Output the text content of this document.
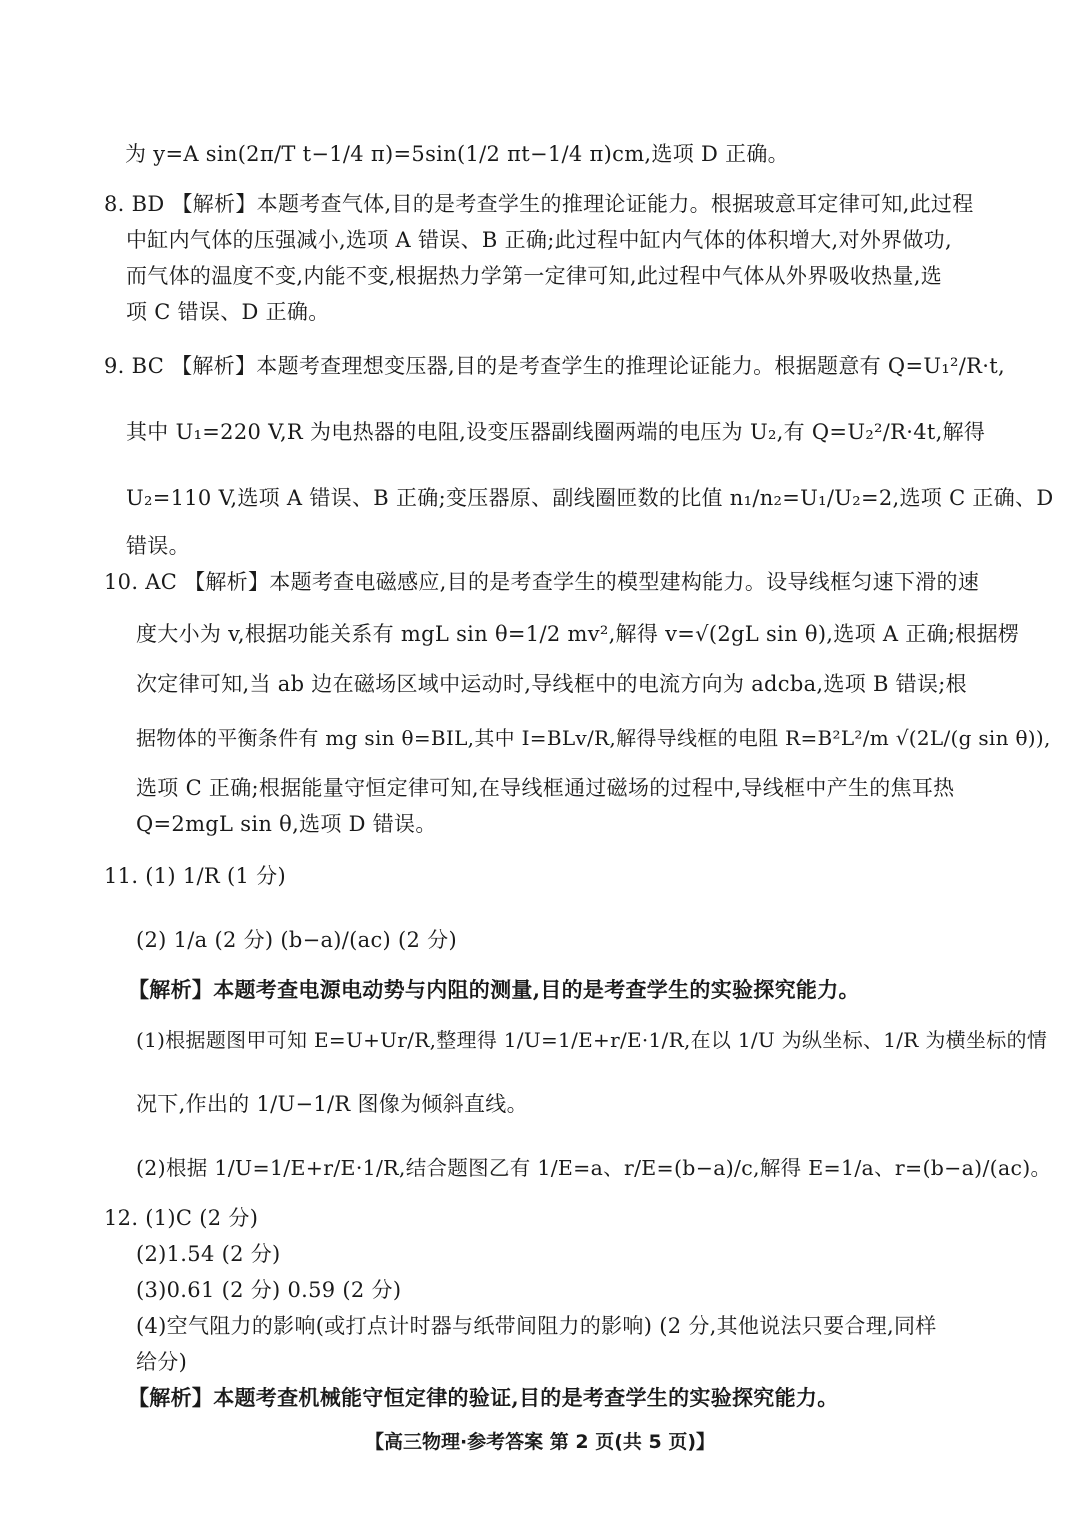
为 y=A sin(2π/T t−1/4 π)=5sin(1/2 πt−1/4 π)cm,选项 D 正确。
8. BD 【解析】本题考查气体,目的是考查学生的推理论证能力。根据玻意耳定律可知,此过程
中缸内气体的压强减小,选项 A 错误、B 正确;此过程中缸内气体的体积增大,对外界做功,
而气体的温度不变,内能不变,根据热力学第一定律可知,此过程中气体从外界吸收热量,选
项 C 错误、D 正确。
9. BC 【解析】本题考查理想变压器,目的是考查学生的推理论证能力。根据题意有 Q=U₁²/R·t,
其中 U₁=220 V,R 为电热器的电阻,设变压器副线圈两端的电压为 U₂,有 Q=U₂²/R·4t,解得
U₂=110 V,选项 A 错误、B 正确;变压器原、副线圈匝数的比值 n₁/n₂=U₁/U₂=2,选项 C 正确、D
错误。
10. AC 【解析】本题考查电磁感应,目的是考查学生的模型建构能力。设导线框匀速下滑的速
度大小为 v,根据功能关系有 mgL sin θ=1/2 mv²,解得 v=√(2gL sin θ),选项 A 正确;根据楞
次定律可知,当 ab 边在磁场区域中运动时,导线框中的电流方向为 adcba,选项 B 错误;根
据物体的平衡条件有 mg sin θ=BIL,其中 I=BLv/R,解得导线框的电阻 R=B²L²/m √(2L/(g sin θ)),
选项 C 正确;根据能量守恒定律可知,在导线框通过磁场的过程中,导线框中产生的焦耳热
Q=2mgL sin θ,选项 D 错误。
11. (1) 1/R (1 分)
(2) 1/a (2 分) (b−a)/(ac) (2 分)
【解析】本题考查电源电动势与内阻的测量,目的是考查学生的实验探究能力。
(1)根据题图甲可知 E=U+Ur/R,整理得 1/U=1/E+r/E·1/R,在以 1/U 为纵坐标、1/R 为横坐标的情
况下,作出的 1/U−1/R 图像为倾斜直线。
(2)根据 1/U=1/E+r/E·1/R,结合题图乙有 1/E=a、r/E=(b−a)/c,解得 E=1/a、r=(b−a)/(ac)。
12. (1)C (2 分)
(2)1.54 (2 分)
(3)0.61 (2 分) 0.59 (2 分)
(4)空气阻力的影响(或打点计时器与纸带间阻力的影响) (2 分,其他说法只要合理,同样
给分)
【解析】本题考查机械能守恒定律的验证,目的是考查学生的实验探究能力。
【高三物理·参考答案 第 2 页(共 5 页)】
